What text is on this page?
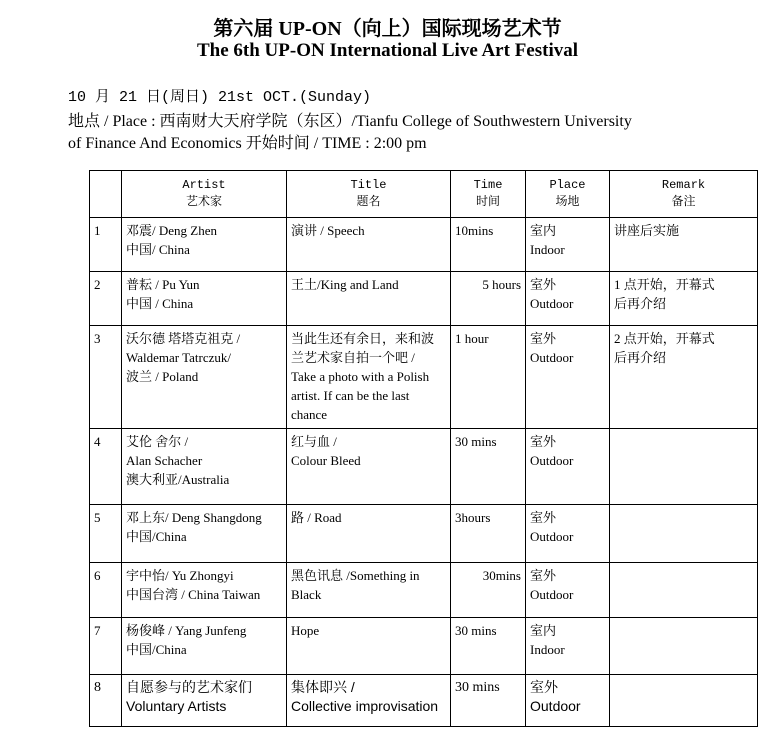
第六届 UP-ON（向上）国际现场艺术节
The 6th UP-ON International Live Art Festival
10 月 21 日(周日) 21st OCT.(Sunday)
地点 / Place : 西南财大天府学院（东区）/Tianfu College of Southwestern University
of Finance And Economics 开始时间 / TIME : 2:00 pm

	Artist
艺术家	Title
题名	Time
时间	Place
场地	Remark
备注

1	邓震/ Deng Zhen
中国/ China	演讲 / Speech	10mins	室内
Indoor	讲座后实施

2	普耘 / Pu Yun
中国 / China	王土/King and Land	5 hours	室外
Outdoor	1 点开始，开幕式
后再介绍

3	沃尔德 塔塔克祖克 /
Waldemar Tatrczuk/
波兰 / Poland	当此生还有余日，来和波
兰艺术家自拍一个吧 /
Take a photo with a Polish
artist. If can be the last
chance	1 hour	室外
Outdoor	2 点开始，开幕式
后再介绍

4	艾伦 舍尔 /
Alan Schacher
澳大利亚/Australia	红与血 /
Colour Bleed	30 mins	室外
Outdoor	

5	邓上东/ Deng Shangdong
中国/China	路 / Road	3hours	室外
Outdoor	

6	宇中怡/ Yu Zhongyi
中国台湾 / China Taiwan	黑色讯息 /Something in
Black	30mins	室外
Outdoor	

7	杨俊峰 / Yang Junfeng
中国/China	Hope	30 mins	室内
Indoor	

8	自愿参与的艺术家们
Voluntary Artists	集体即兴 /
Collective improvisation	30 mins	室外
Outdoor	
